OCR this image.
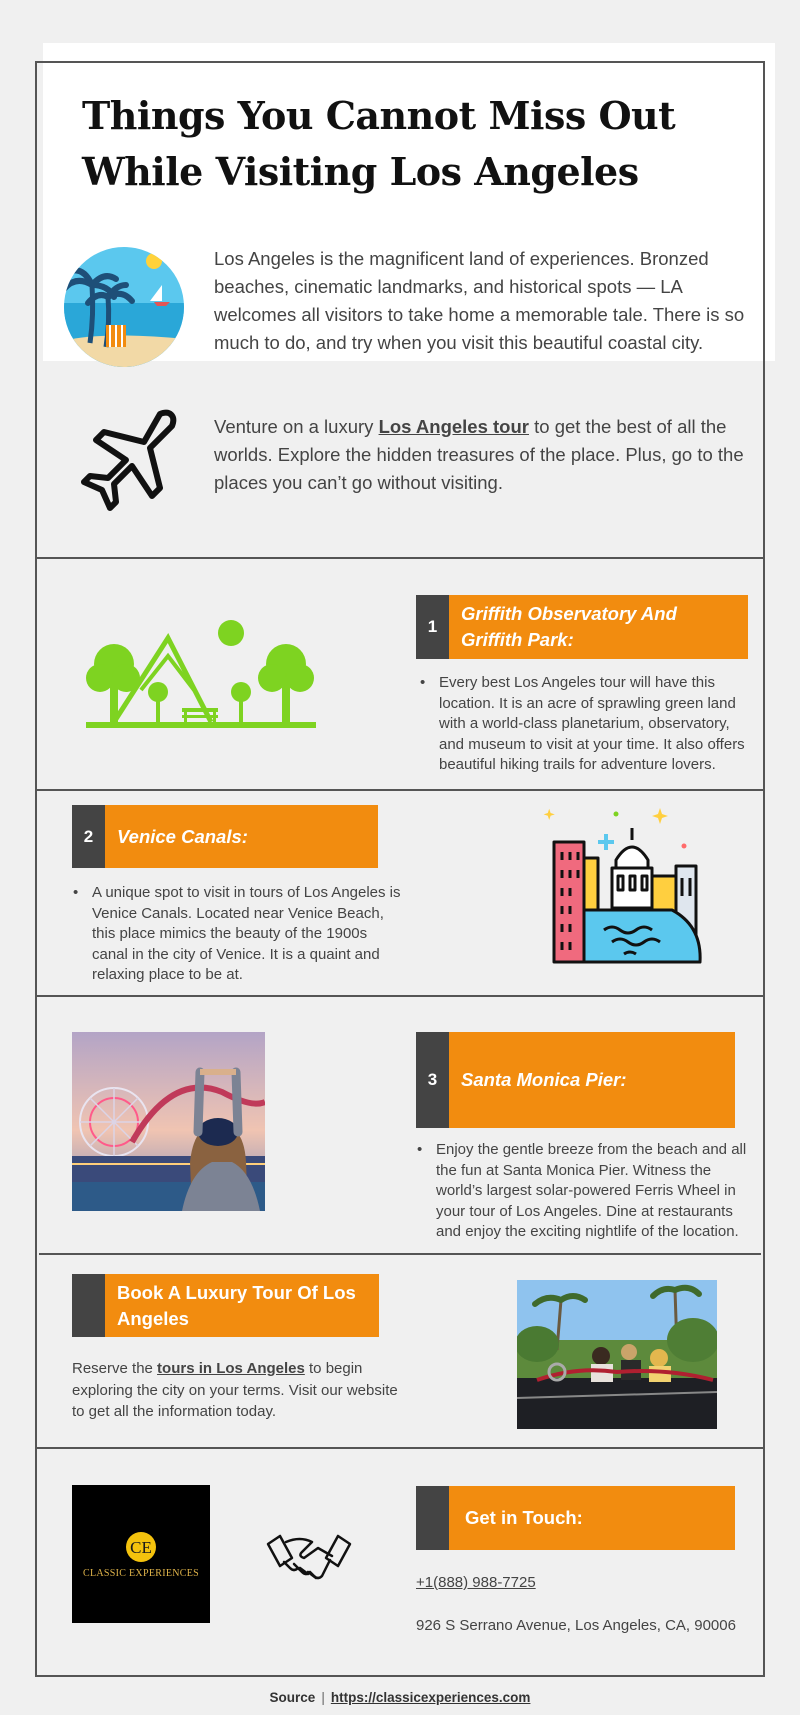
Things You Cannot Miss Out While Visiting Los Angeles

Los Angeles is the magnificent land of experiences. Bronzed beaches, cinematic landmarks, and historical spots — LA welcomes all visitors to take home a memorable tale. There is so much to do, and try when you visit this beautiful coastal city.

Venture on a luxury Los Angeles tour to get the best of all the worlds. Explore the hidden treasures of the place. Plus, go to the places you can’t go without visiting.

1
Griffith Observatory And Griffith Park:
• Every best Los Angeles tour will have this location. It is an acre of sprawling green land with a world-class planetarium, observatory, and museum to visit at your time. It also offers beautiful hiking trails for adventure lovers.
2	Venice Canals:
• A unique spot to visit in tours of Los Angeles is Venice Canals. Located near Venice Beach, this place mimics the beauty of the 1900s canal in the city of Venice. It is a quaint and relaxing place to be at.
3	Santa Monica Pier:
• Enjoy the gentle breeze from the beach and all the fun at Santa Monica Pier. Witness the world’s largest solar-powered Ferris Wheel in your tour of Los Angeles. Dine at restaurants and enjoy the exciting nightlife of the location.
Book A Luxury Tour Of Los Angeles

Reserve the tours in Los Angeles to begin exploring the city on your terms. Visit our website to get all the information today.

CE
CLASSIC EXPERIENCES
Get in Touch:
+1(888) 988-7725
926 S Serrano Avenue, Los Angeles, CA, 90006
Source | https://classicexperiences.com
